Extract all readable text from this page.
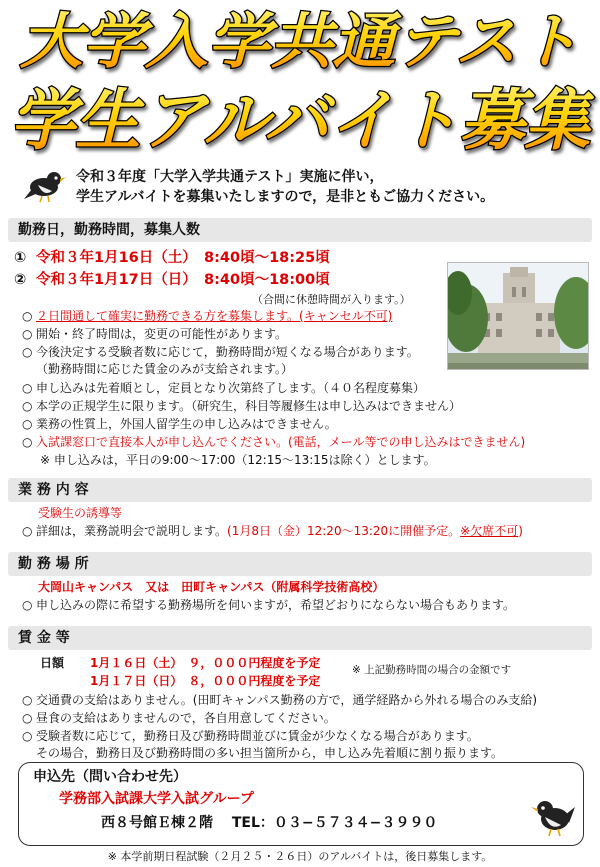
大学入学共通テスト
学生アルバイト募集
令和３年度「大学入学共通テスト」実施に伴い，
学生アルバイトを募集いたしますので，是非ともご協力ください。
勤務日，勤務時間，募集人数
① 令和３年1月16日（土）　8:40頃〜18:25頃
② 令和３年1月17日（日）　8:40頃〜18:00頃
（合間に休憩時間が入ります。）
○ ２日間通して確実に勤務できる方を募集します。(キャンセル不可)
○ 開始・終了時間は，変更の可能性があります。
○ 今後決定する受験者数に応じて，勤務時間が短くなる場合があります。
（勤務時間に応じた賃金のみが支給されます。）
○ 申し込みは先着順とし，定員となり次第終了します。（４０名程度募集）
○ 本学の正規学生に限ります。（研究生，科目等履修生は申し込みはできません）
○ 業務の性質上，外国人留学生の申し込みはできません。
○ 入試課窓口で直接本人が申し込んでください。(電話，メール等での申し込みはできません)
※ 申し込みは，平日の9:00〜17:00（12:15〜13:15は除く）とします。
業 務 内 容
受験生の誘導等
○ 詳細は，業務説明会で説明します。(1月8日（金）12:20〜13:20に開催予定。※欠席不可)
勤 務 場 所
大岡山キャンパス　又は　田町キャンパス（附属科学技術高校）
○ 申し込みの際に希望する勤務場所を伺いますが，希望どおりにならない場合もあります。
賃 金 等
日額 1月１６日（土）　９，０００円程度を予定
1月１７日（日）　８，０００円程度を予定
※ 上記勤務時間の場合の金額です
○ 交通費の支給はありません。(田町キャンパス勤務の方で，通学経路から外れる場合のみ支給)
○ 昼食の支給はありませんので，各自用意してください。
○ 受験者数に応じて，勤務日及び勤務時間並びに賃金が少なくなる場合があります。
その場合，勤務日及び勤務時間の多い担当箇所から，申し込み先着順に割り振ります。
申込先（問い合わせ先）
学務部入試課大学入試グループ
西８号館Ｅ棟２階　 TEL：０３−５７３４−３９９０
※ 本学前期日程試験（２月２５・２６日）のアルバイトは，後日募集します。
